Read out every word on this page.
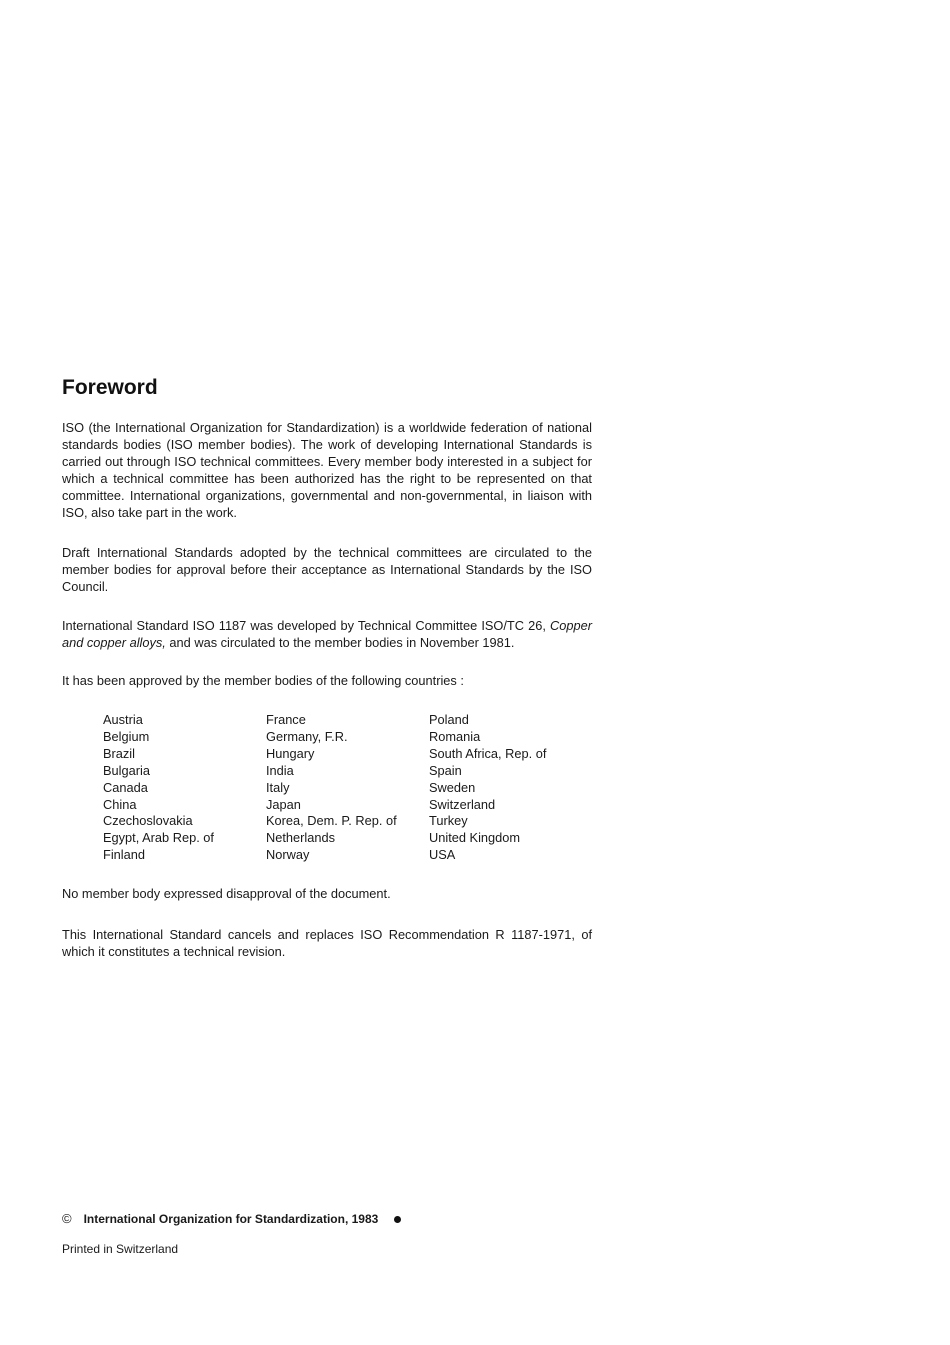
Foreword

ISO (the International Organization for Standardization) is a worldwide federation of national standards bodies (ISO member bodies). The work of developing International Standards is carried out through ISO technical committees. Every member body interested in a subject for which a technical committee has been authorized has the right to be represented on that committee. International organizations, governmental and non-governmental, in liaison with ISO, also take part in the work.

Draft International Standards adopted by the technical committees are circulated to the member bodies for approval before their acceptance as International Standards by the ISO Council.

International Standard ISO 1187 was developed by Technical Committee ISO/TC 26, Copper and copper alloys, and was circulated to the member bodies in November 1981.

It has been approved by the member bodies of the following countries :

Austria
Belgium
Brazil
Bulgaria
Canada
China
Czechoslovakia
Egypt, Arab Rep. of
Finland
France
Germany, F.R.
Hungary
India
Italy
Japan
Korea, Dem. P. Rep. of
Netherlands
Norway
Poland
Romania
South Africa, Rep. of
Spain
Sweden
Switzerland
Turkey
United Kingdom
USA

No member body expressed disapproval of the document.

This International Standard cancels and replaces ISO Recommendation R 1187-1971, of which it constitutes a technical revision.

© International Organization for Standardization, 1983
Printed in Switzerland
